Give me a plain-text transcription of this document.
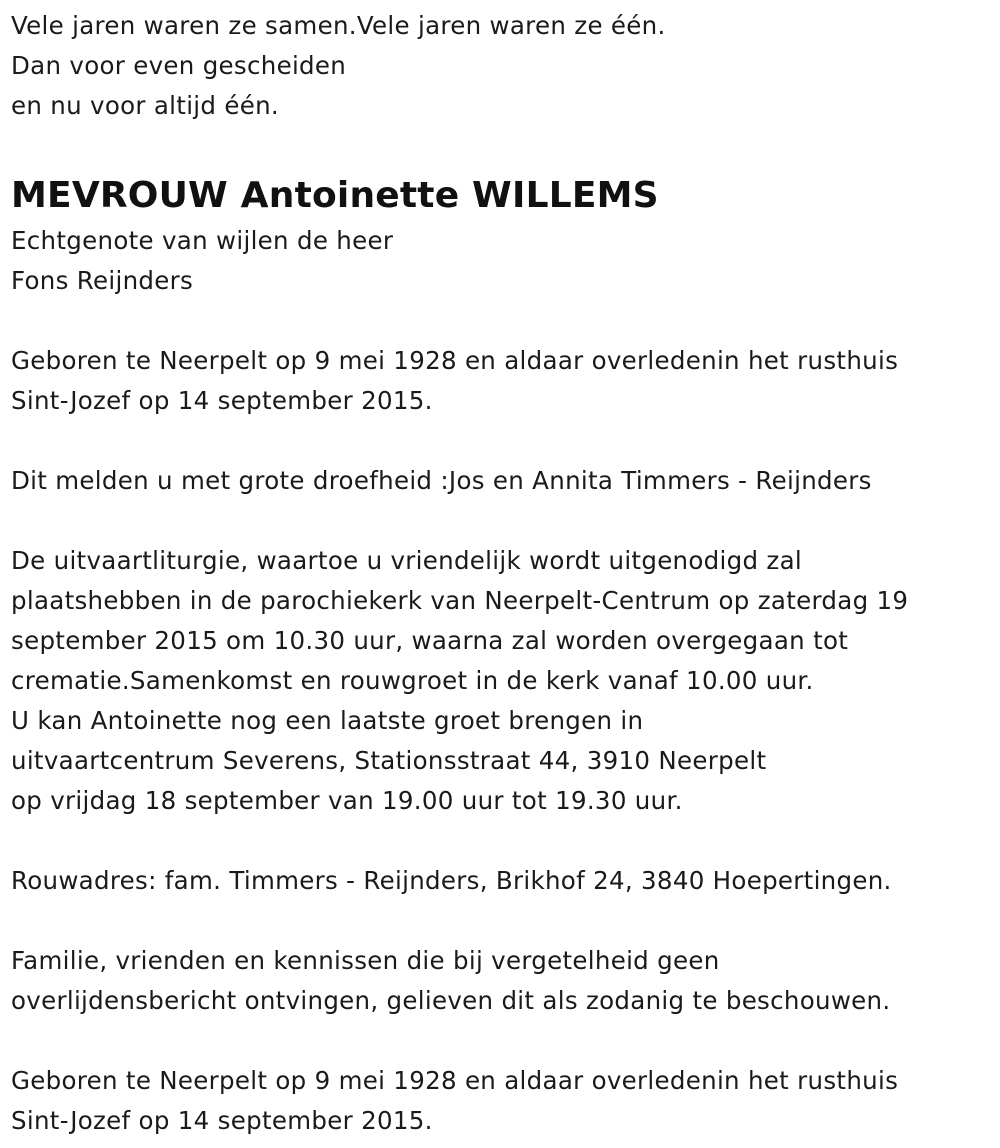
Vele jaren waren ze samen.Vele jaren waren ze één.
Dan voor even gescheiden
en nu voor altijd één.
MEVROUW Antoinette WILLEMS
Echtgenote van wijlen de heer
Fons Reijnders
Geboren te Neerpelt op 9 mei 1928 en aldaar overledenin het rusthuis
Sint-Jozef op 14 september 2015.
Dit melden u met grote droefheid :Jos en Annita Timmers - Reijnders
De uitvaartliturgie, waartoe u vriendelijk wordt uitgenodigd zal
plaatshebben in de parochiekerk van Neerpelt-Centrum op zaterdag 19
september 2015 om 10.30 uur, waarna zal worden overgegaan tot
crematie.Samenkomst en rouwgroet in de kerk vanaf 10.00 uur.
U kan Antoinette nog een laatste groet brengen in
uitvaartcentrum Severens, Stationsstraat 44, 3910 Neerpelt
op vrijdag 18 september van 19.00 uur tot 19.30 uur.
Rouwadres: fam. Timmers - Reijnders, Brikhof 24, 3840 Hoepertingen.
Familie, vrienden en kennissen die bij vergetelheid geen
overlijdensbericht ontvingen, gelieven dit als zodanig te beschouwen.
Geboren te Neerpelt op 9 mei 1928 en aldaar overledenin het rusthuis
Sint-Jozef op 14 september 2015.
